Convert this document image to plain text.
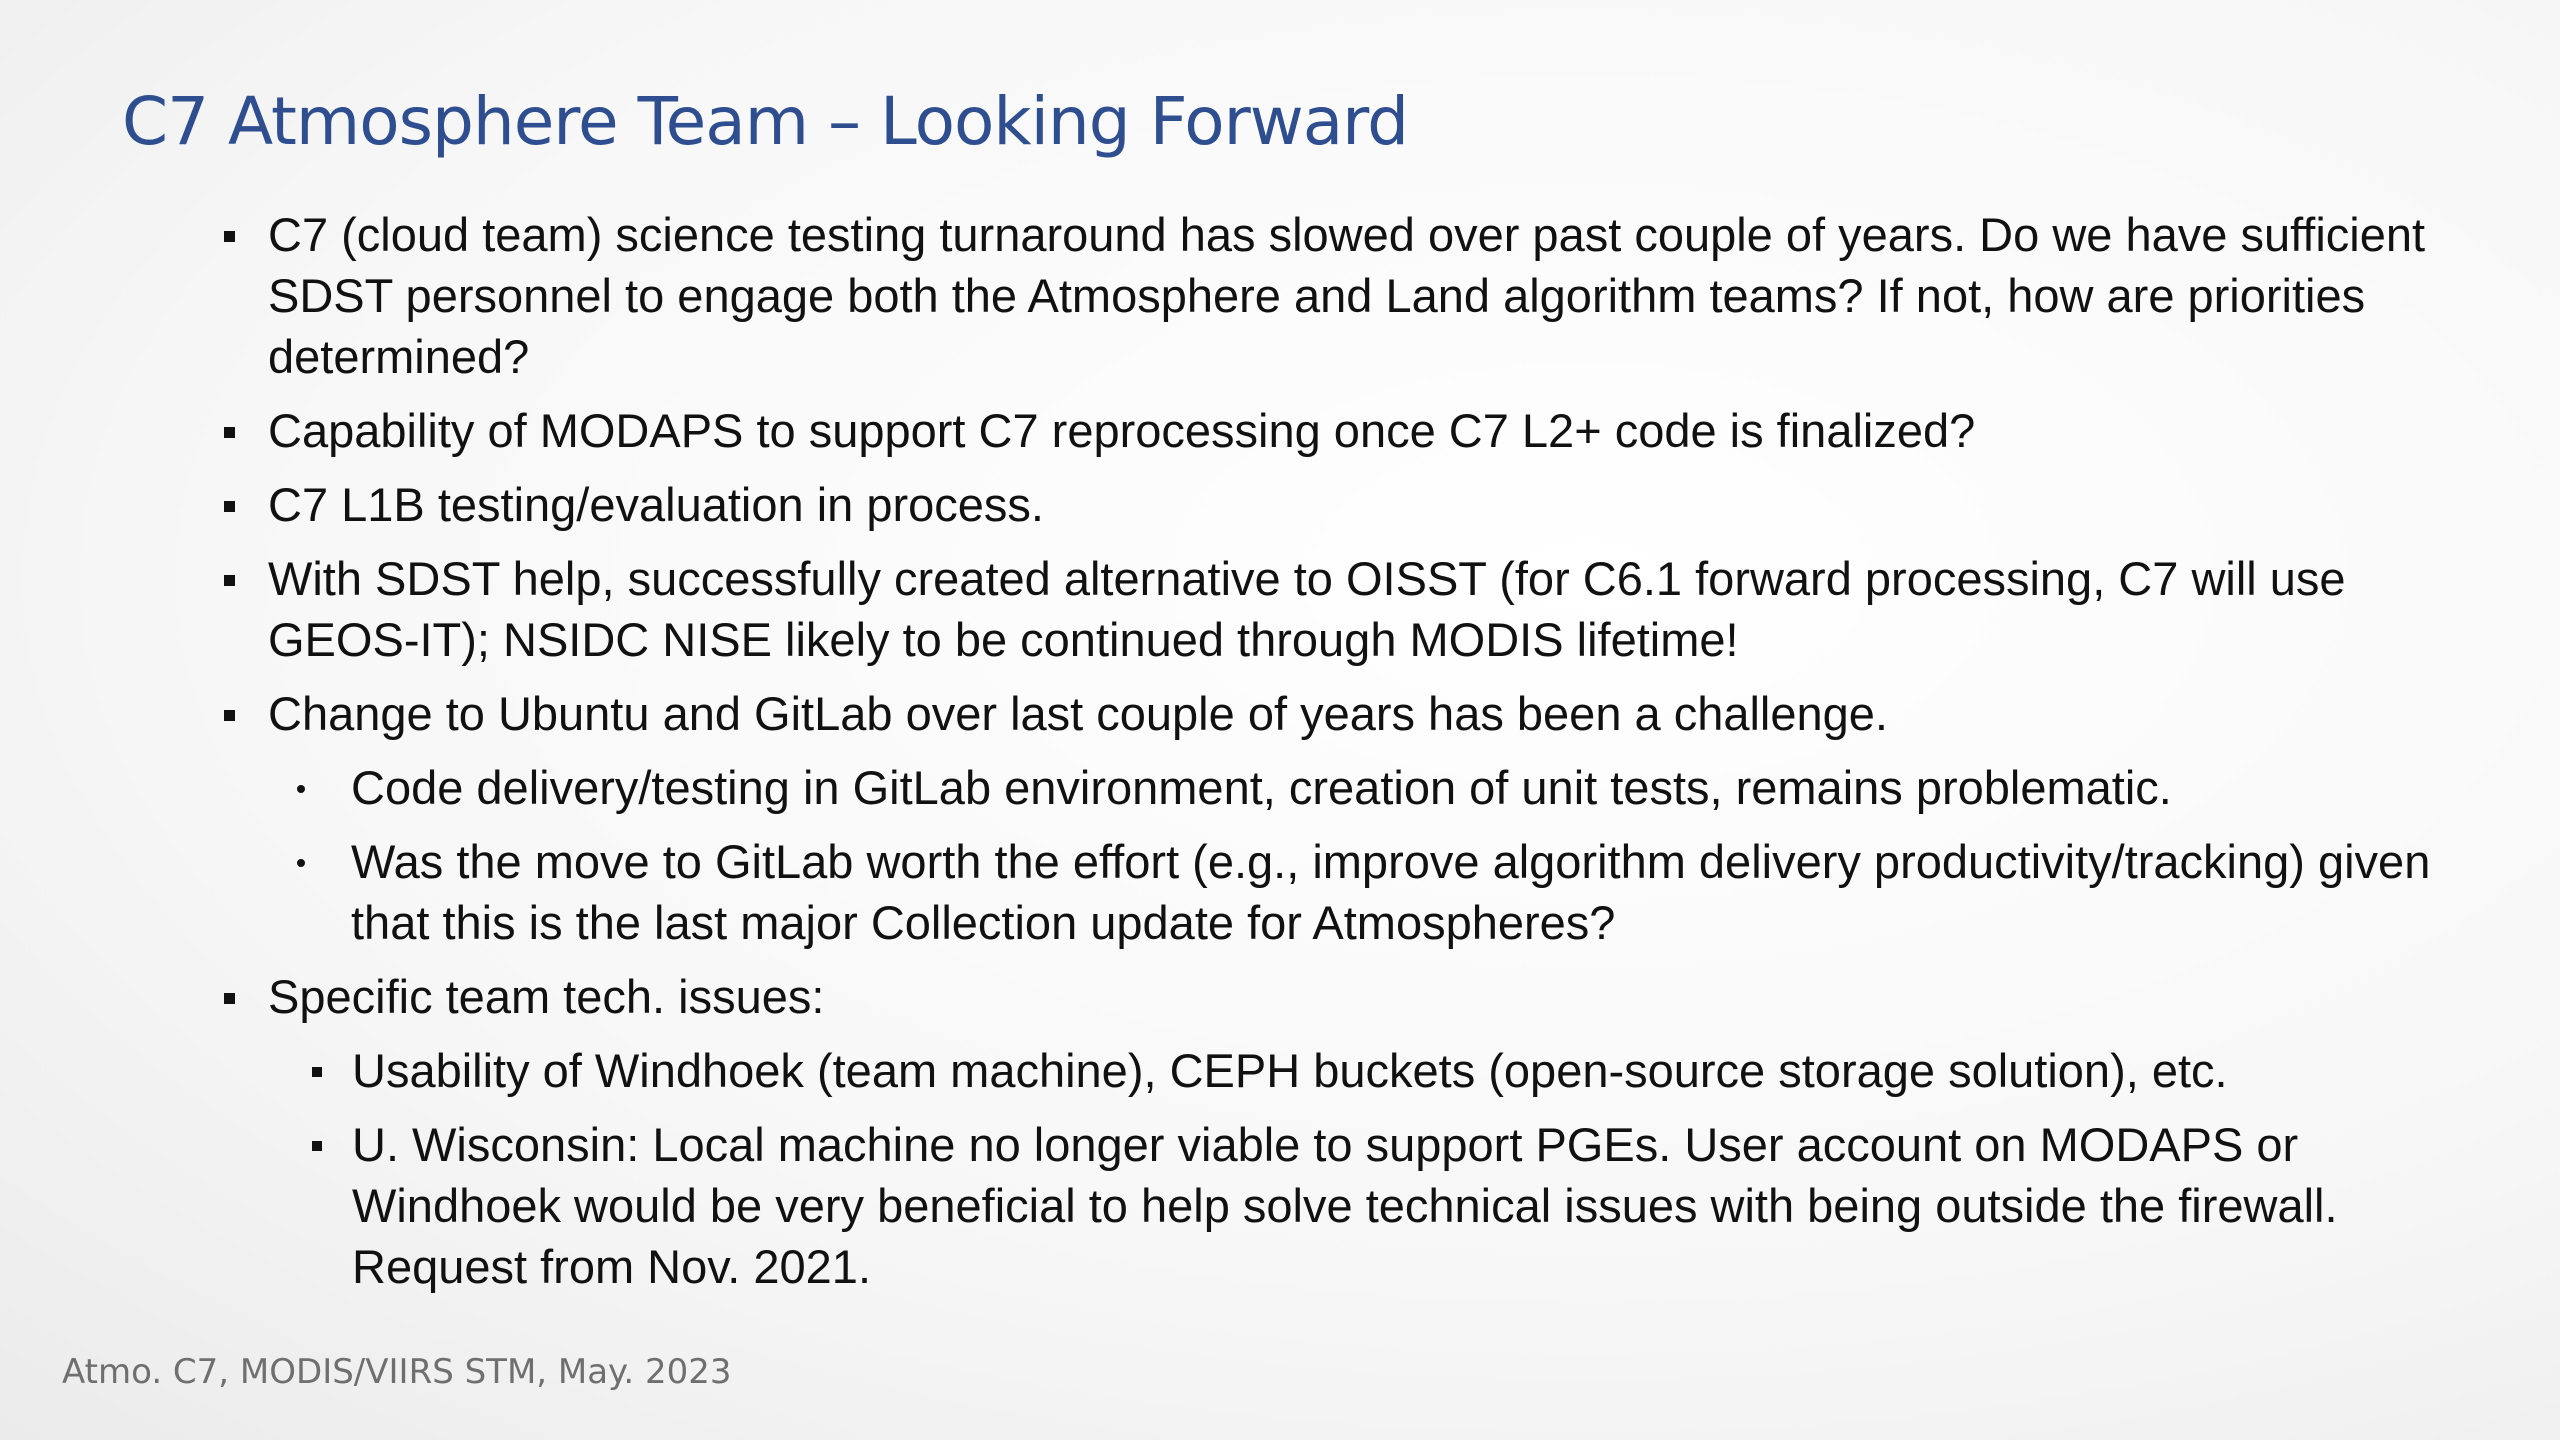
C7 Atmosphere Team – Looking Forward
C7 (cloud team) science testing turnaround has slowed over past couple of years. Do we have sufficient SDST personnel to engage both the Atmosphere and Land algorithm teams? If not, how are priorities determined?
Capability of MODAPS to support C7 reprocessing once C7 L2+ code is finalized?
C7 L1B testing/evaluation in process.
With SDST help, successfully created alternative to OISST (for C6.1 forward processing, C7 will use GEOS-IT); NSIDC NISE likely to be continued through MODIS lifetime!
Change to Ubuntu and GitLab over last couple of years has been a challenge.
Code delivery/testing in GitLab environment, creation of unit tests, remains problematic.
Was the move to GitLab worth the effort (e.g., improve algorithm delivery productivity/tracking) given that this is the last major Collection update for Atmospheres?
Specific team tech. issues:
Usability of Windhoek (team machine), CEPH buckets (open-source storage solution), etc.
U. Wisconsin: Local machine no longer viable to support PGEs. User account on MODAPS or Windhoek would be very beneficial to help solve technical issues with being outside the firewall. Request from Nov. 2021.
Atmo. C7, MODIS/VIIRS STM, May. 2023
